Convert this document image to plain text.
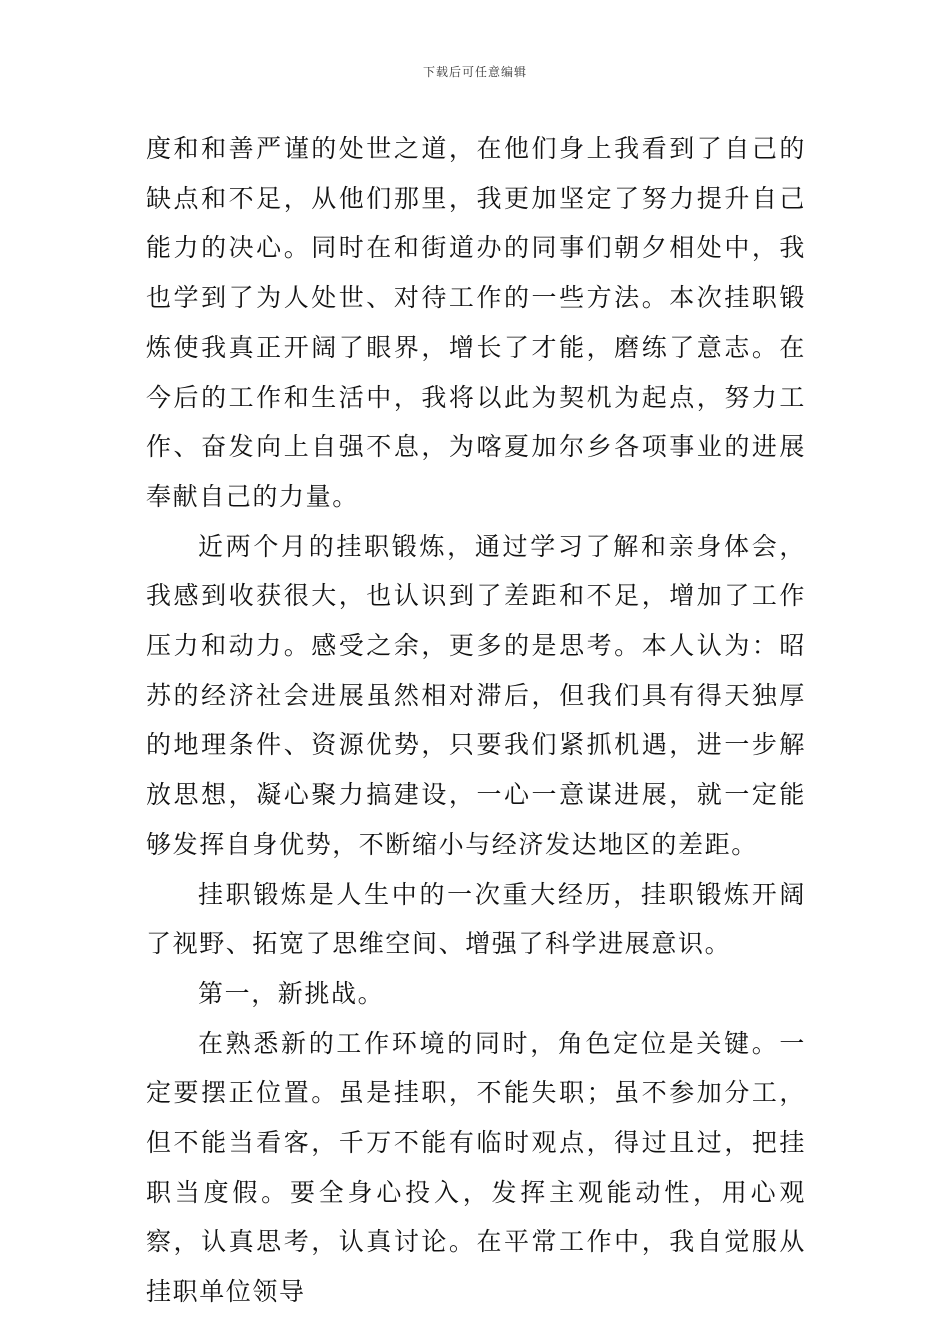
下载后可任意编辑

度和和善严谨的处世之道，在他们身上我看到了自己的缺点和不足，从他们那里，我更加坚定了努力提升自己能力的决心。同时在和街道办的同事们朝夕相处中，我也学到了为人处世、对待工作的一些方法。本次挂职锻炼使我真正开阔了眼界，增长了才能，磨练了意志。在今后的工作和生活中，我将以此为契机为起点，努力工作、奋发向上自强不息，为喀夏加尔乡各项事业的进展奉献自己的力量。

近两个月的挂职锻炼，通过学习了解和亲身体会，我感到收获很大，也认识到了差距和不足，增加了工作压力和动力。感受之余，更多的是思考。本人认为：昭苏的经济社会进展虽然相对滞后，但我们具有得天独厚的地理条件、资源优势，只要我们紧抓机遇，进一步解放思想，凝心聚力搞建设，一心一意谋进展，就一定能够发挥自身优势，不断缩小与经济发达地区的差距。

挂职锻炼是人生中的一次重大经历，挂职锻炼开阔了视野、拓宽了思维空间、增强了科学进展意识。

第一，新挑战。

在熟悉新的工作环境的同时，角色定位是关键。一定要摆正位置。虽是挂职，不能失职；虽不参加分工，但不能当看客，千万不能有临时观点，得过且过，把挂职当度假。要全身心投入，发挥主观能动性，用心观察，认真思考，认真讨论。在平常工作中，我自觉服从挂职单位领导
